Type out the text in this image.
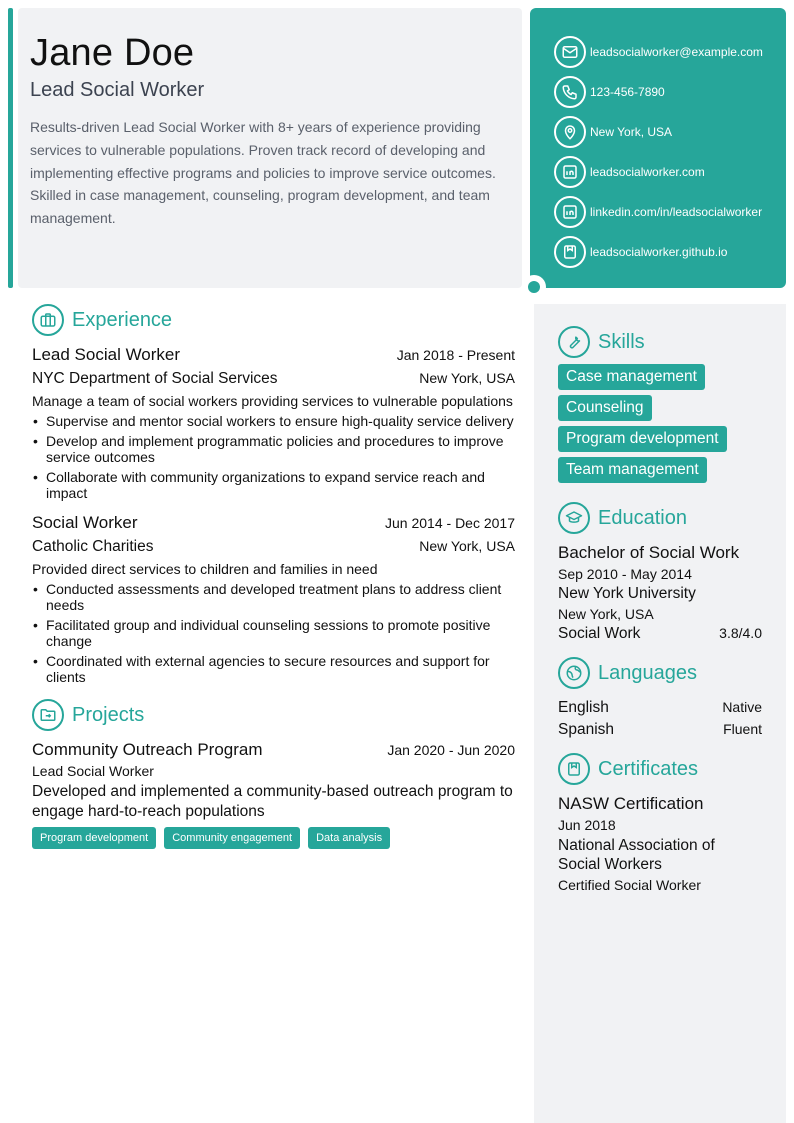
Jane Doe
Lead Social Worker
Results-driven Lead Social Worker with 8+ years of experience providing services to vulnerable populations. Proven track record of developing and implementing effective programs and policies to improve service outcomes. Skilled in case management, counseling, program development, and team management.
leadsocialworker@example.com
123-456-7890
New York, USA
leadsocialworker.com
linkedin.com/in/leadsocialworker
leadsocialworker.github.io
Experience
Lead Social Worker	Jan 2018 - Present
NYC Department of Social Services	New York, USA
Manage a team of social workers providing services to vulnerable populations
• Supervise and mentor social workers to ensure high-quality service delivery
• Develop and implement programmatic policies and procedures to improve service outcomes
• Collaborate with community organizations to expand service reach and impact
Social Worker	Jun 2014 - Dec 2017
Catholic Charities	New York, USA
Provided direct services to children and families in need
• Conducted assessments and developed treatment plans to address client needs
• Facilitated group and individual counseling sessions to promote positive change
• Coordinated with external agencies to secure resources and support for clients
Projects
Community Outreach Program	Jan 2020 - Jun 2020
Lead Social Worker
Developed and implemented a community-based outreach program to engage hard-to-reach populations
Program development	Community engagement	Data analysis
Skills
Case management
Counseling
Program development
Team management
Education
Bachelor of Social Work
Sep 2010 - May 2014
New York University
New York, USA
Social Work	3.8/4.0
Languages
English	Native
Spanish	Fluent
Certificates
NASW Certification
Jun 2018
National Association of Social Workers
Certified Social Worker
